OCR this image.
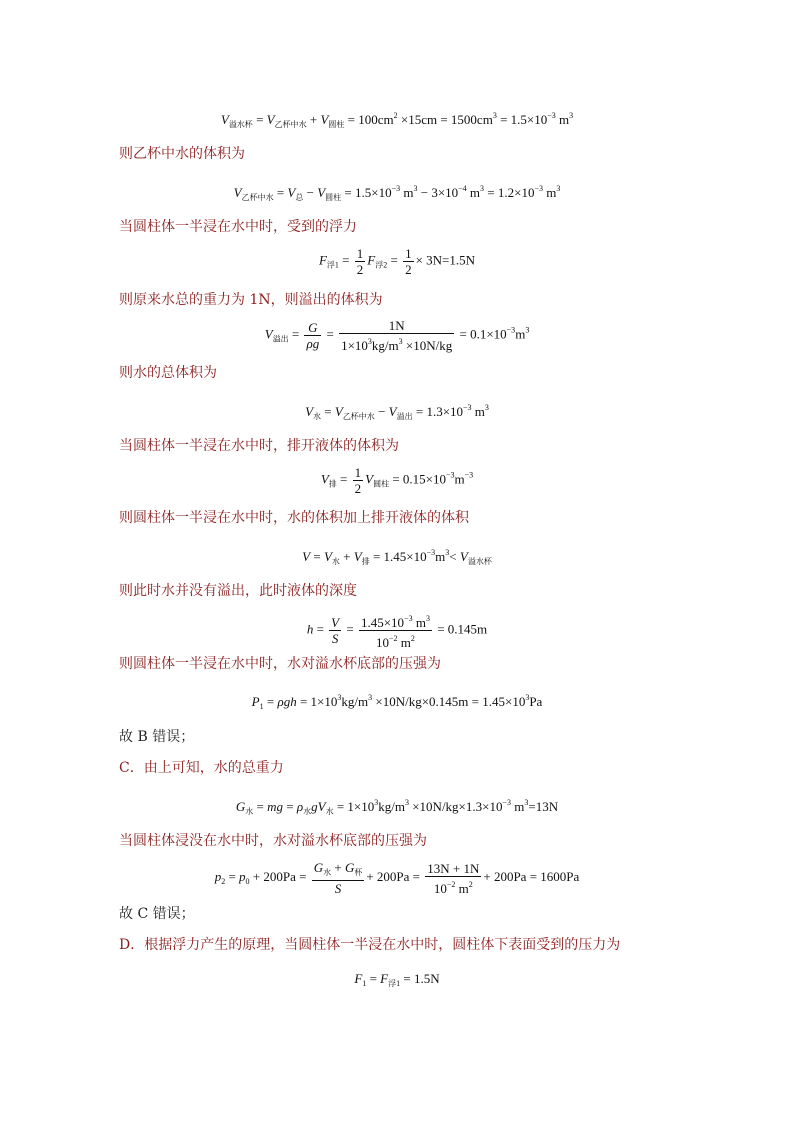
$V_{溢水杯} = V_{乙杯中水} + V_{圆柱} = 100cm^2 \times 15cm = 1500cm^3 = 1.5\times 10^{-3}$ $m^3$
则乙杯中水的体积为
$V_{乙杯中水} = V_总 - V_{圆柱} = 1.5\times 10^{-3}$ $m^3 - 3\times 10^{-4}$ $m^3 = 1.2\times 10^{-3}$ $m^3$
当圆柱体一半浸在水中时，受到的浮力
$F_{浮1} = \frac{1}{2} F_{浮2} = \frac{1}{2} \times 3N=1.5N$
则原来水总的重力为 1N，则溢出的体积为
$V_{溢出} = \frac{G}{\rho g} = \frac{1N}{1\times 10^3kg/m^3 \times 10N/kg} = 0.1\times 10^{-3}m^3$
则水的总体积为
$V_水 = V_{乙杯中水} - V_{溢出} = 1.3\times 10^{-3}$ $m^3$
当圆柱体一半浸在水中时，排开液体的体积为
$V_排 = \frac{1}{2} V_{圆柱} = 0.15\times 10^{-3}m^{-3}$
则圆柱体一半浸在水中时，水的体积加上排开液体的体积
$V = V_水 + V_排 = 1.45\times 10^{-3}m^3< V_{溢水杯}$
则此时水并没有溢出，此时液体的深度
$h = \frac{V}{S} = \frac{1.45\times 10^{-3} m^3}{10^{-2} m^2} = 0.145m$
则圆柱体一半浸在水中时，水对溢水杯底部的压强为
$P_1 = \rho gh = 1\times 10^3kg/m^3 \times 10N/kg\times 0.145m = 1.45\times 10^3Pa$
故 B 错误；
C．由上可知，水的总重力
$G_水$ = mg = $\rho_水gV_水 = 1\times 10^3kg/m^3 \times 10N/kg\times 1.3\times 10^{-3}$ $m^3=13N$
当圆柱体浸没在水中时，水对溢水杯底部的压强为
$p_2 = p_0 + 200Pa = \frac{G_水 + G_杯}{S} + 200Pa = \frac{13N + 1N}{10^{-2} m^2} + 200Pa = 1600Pa$
故 C 错误；
D．根据浮力产生的原理，当圆柱体一半浸在水中时，圆柱体下表面受到的压力为
$F_1 = F_{浮1} = 1.5N$
